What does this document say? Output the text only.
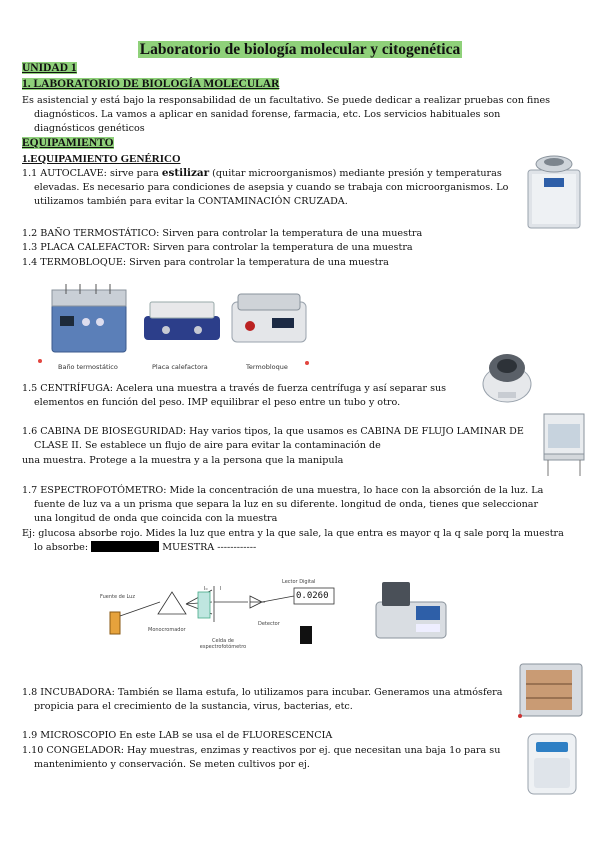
Laboratorio de biología molecular y citogenética
UNIDAD 1
1. LABORATORIO DE BIOLOGÍA MOLECULAR
Es asistencial y está bajo la responsabilidad de un facultativo. Se puede dedicar a realizar pruebas con fines
diagnósticos. La vamos a aplicar en sanidad forense, farmacia, etc. Los servicios habituales son
diagnósticos genéticos
EQUIPAMIENTO
1.EQUIPAMIENTO GENÉRICO
1.1 AUTOCLAVE: sirve para estilizar (quitar microorganismos) mediante presión y temperaturas
elevadas. Es necesario para condiciones de asepsia y cuando se trabaja con microorganismos. Lo
utilizamos también para evitar la CONTAMINACIÓN CRUZADA.
1.2 BAÑO TERMOSTÁTICO: Sirven para controlar la temperatura de una muestra
1.3 PLACA CALEFACTOR: Sirven para controlar la temperatura de una muestra
1.4 TERMOBLOQUE: Sirven para controlar la temperatura de una muestra
Baño termostático	Placa calefactora	Termobloque
1.5 CENTRÍFUGA: Acelera una muestra a través de fuerza centrífuga y así separar sus
elementos en función del peso. IMP equilibrar el peso entre un tubo y otro.
1.6 CABINA DE BIOSEGURIDAD: Hay varios tipos, la que usamos es CABINA DE FLUJO LAMINAR DE
CLASE II. Se establece un flujo de aire para evitar la contaminación de
una muestra. Protege a la muestra y a la persona que la manipula
1.7 ESPECTROFOTÓMETRO: Mide la concentración de una muestra, lo hace con la absorción de la luz. La
fuente de luz va a un prisma que separa la luz en su diferente. longitud de onda, tienes que seleccionar
una longitud de onda que coincida con la muestra
Ej: glucosa absorbe rojo. Mides la luz que entra y la que sale, la que entra es mayor q la q sale porq la muestra
lo absorbe:	MUESTRA ------------
Fuente de Luz
Monocromador
Lector Digital
0.0260
Detector
Celda de espectrofotómetro
I₀	I
1.8 INCUBADORA: También se llama estufa, lo utilizamos para incubar. Generamos una atmósfera
propicia para el crecimiento de la sustancia, virus, bacterias, etc.
1.9 MICROSCOPIO En este LAB se usa el de FLUORESCENCIA
1.10 CONGELADOR: Hay muestras, enzimas y reactivos por ej. que necesitan una baja 1o para su
mantenimiento y conservación. Se meten cultivos por ej.
